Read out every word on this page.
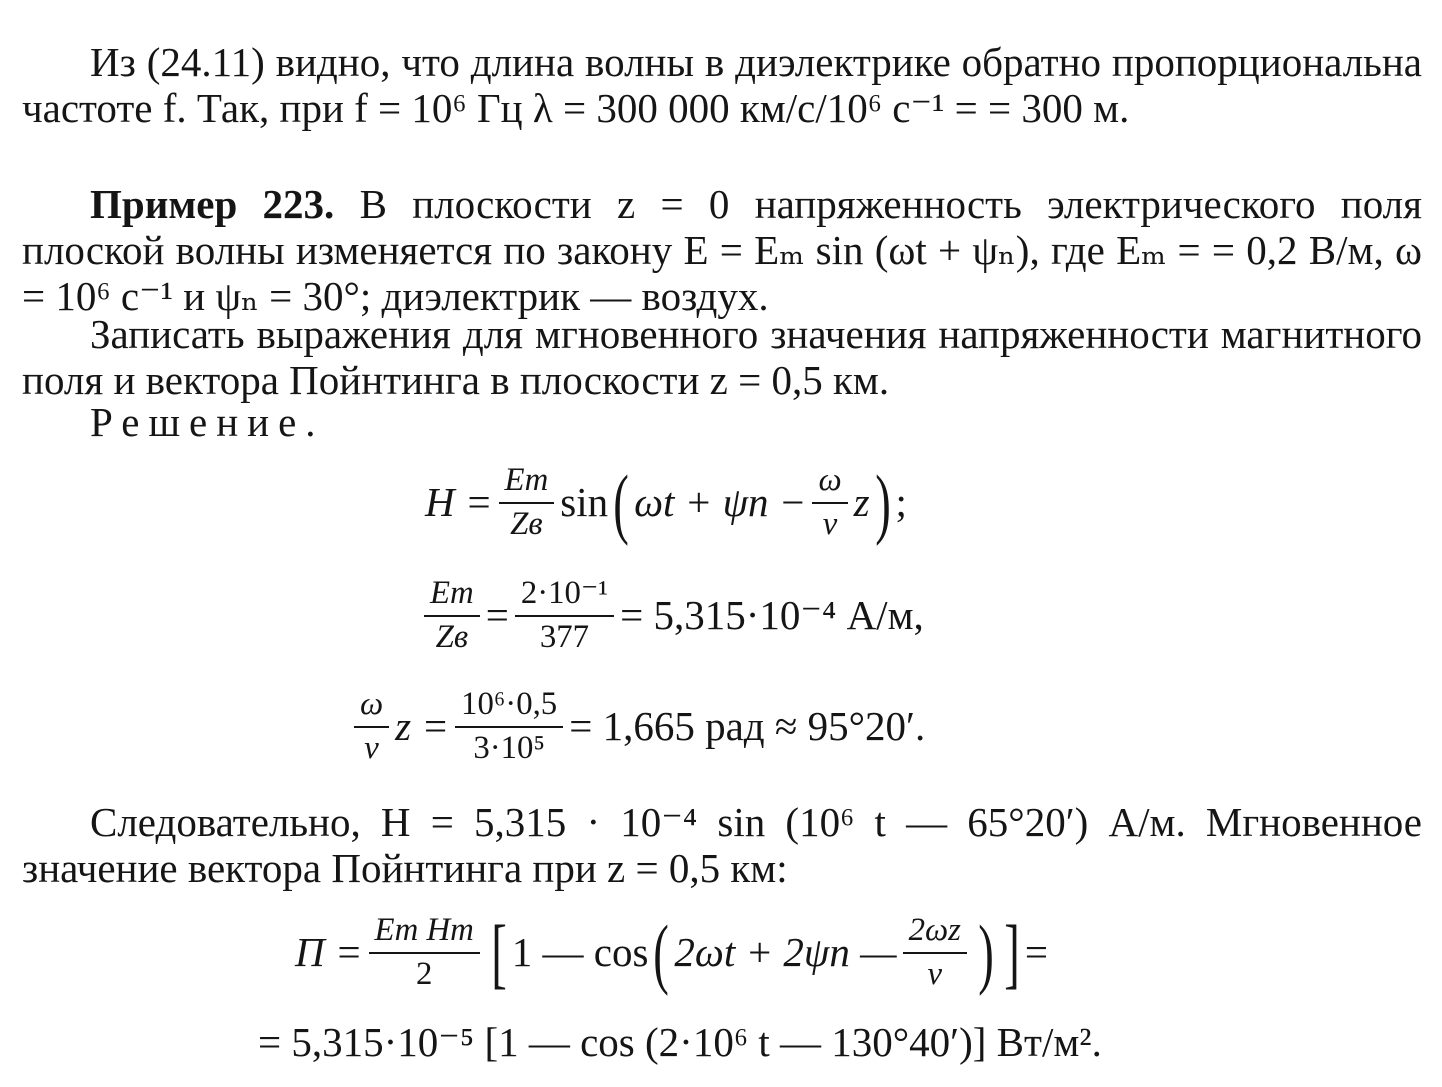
Из (24.11) видно, что длина волны в диэлектрике обратно пропорциональна частоте f. Так, при f = 10⁶ Гц λ = 300 000 км/с/10⁶ с⁻¹ = = 300 м.

Пример 223. В плоскости z = 0 напряженность электрического поля плоской волны изменяется по закону E = Eₘ sin (ωt + ψₙ), где Eₘ = = 0,2 В/м, ω = 10⁶ с⁻¹ и ψₙ = 30°; диэлектрик — воздух.

Записать выражения для мгновенного значения напряженности магнитного поля и вектора Пойнтинга в плоскости z = 0,5 км.

Решение.

$H = \frac{Em}{Zв}$ sin ( $\omega t + \psi n - \frac{\omega}{v}$ z ) ;
$\frac{Em}{Zв} = \frac{\text{2·10⁻¹}}{377} = 5,315\cdot 10^{-4}$ А/м,
$\frac{\omega}{v}$ $z = \frac{\text{10⁶·0,5}}{\text{3·10⁵}} = 1,665$ рад ≈ 95°20′.

Следовательно, H = 5,315 · 10⁻⁴ sin (10⁶ t — 65°20′) А/м. Мгновенное значение вектора Пойнтинга при z = 0,5 км:

$П = \frac{\text{Em Hm}}{2}$ [ 1 — cos ( 2ωt + 2ψn — $\frac{2\omega z}{v}$ ) ] =
= 5,315·10⁻⁵ [1 — cos (2·10⁶ t — 130°40′)] Вт/м².
